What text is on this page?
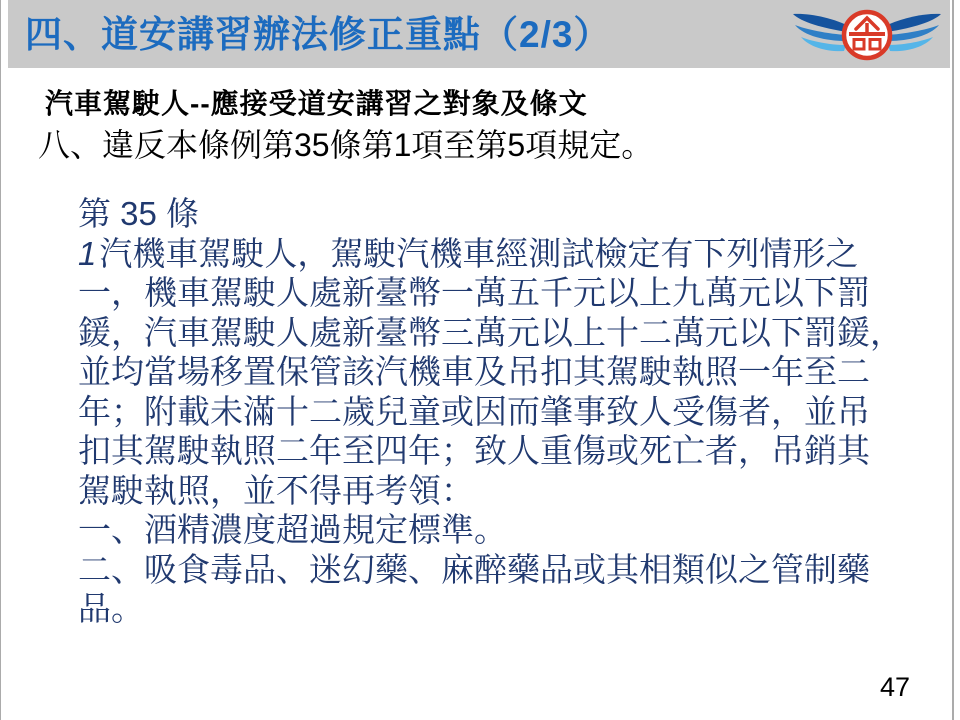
四、道安講習辦法修正重點（2/3）
汽車駕駛人--應接受道安講習之對象及條文
八、違反本條例第35條第1項至第5項規定。
第 35 條
1汽機車駕駛人，駕駛汽機車經測試檢定有下列情形之
一，機車駕駛人處新臺幣一萬五千元以上九萬元以下罰
鍰，汽車駕駛人處新臺幣三萬元以上十二萬元以下罰鍰，
並均當場移置保管該汽機車及吊扣其駕駛執照一年至二
年；附載未滿十二歲兒童或因而肇事致人受傷者，並吊
扣其駕駛執照二年至四年；致人重傷或死亡者，吊銷其
駕駛執照，並不得再考領：
一、酒精濃度超過規定標準。
二、吸食毒品、迷幻藥、麻醉藥品或其相類似之管制藥
品。
47
